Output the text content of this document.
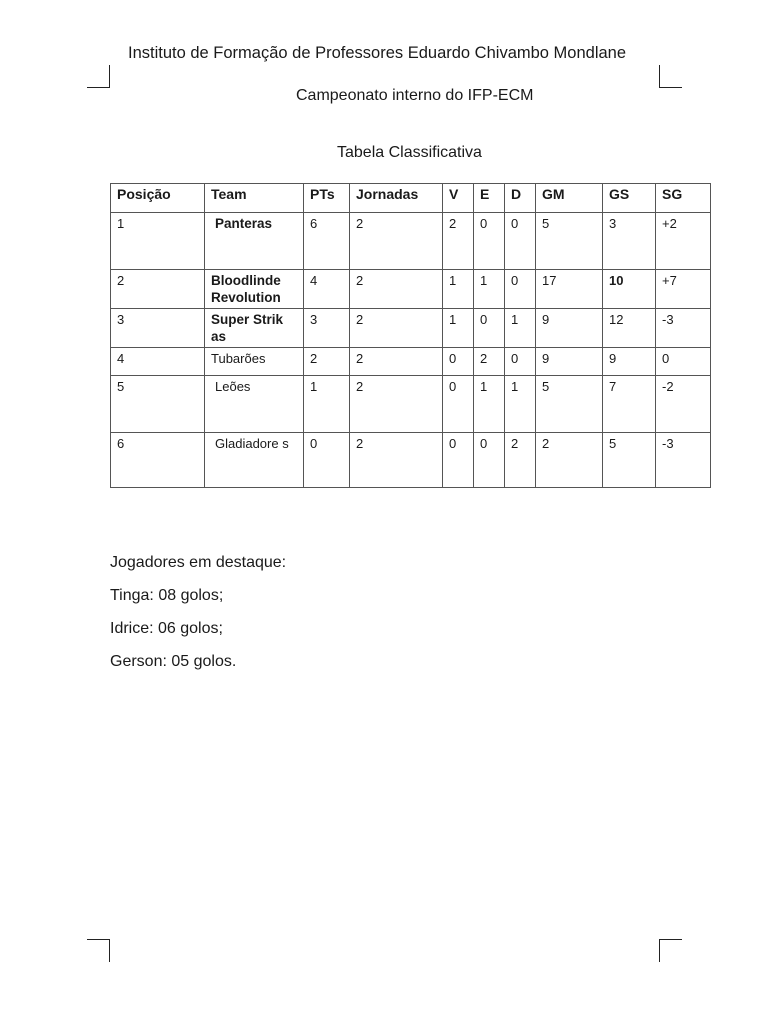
Instituto de Formação de Professores Eduardo Chivambo Mondlane
Campeonato interno do IFP-ECM
Tabela Classificativa
Posição	Team	PTs	Jornadas	V	E	D	GM	GS	SG
1	Panteras	6	2	2	0	0	5	3	+2
2	Bloodlinde Revolution	4	2	1	1	0	17	10	+7
3	Super Strik as	3	2	1	0	1	9	12	-3
4	Tubarões	2	2	0	2	0	9	9	0
5	Leões	1	2	0	1	1	5	7	-2
6	Gladiadore s	0	2	0	0	2	2	5	-3
Jogadores em destaque:
Tinga: 08 golos;
Idrice: 06 golos;
Gerson: 05 golos.
